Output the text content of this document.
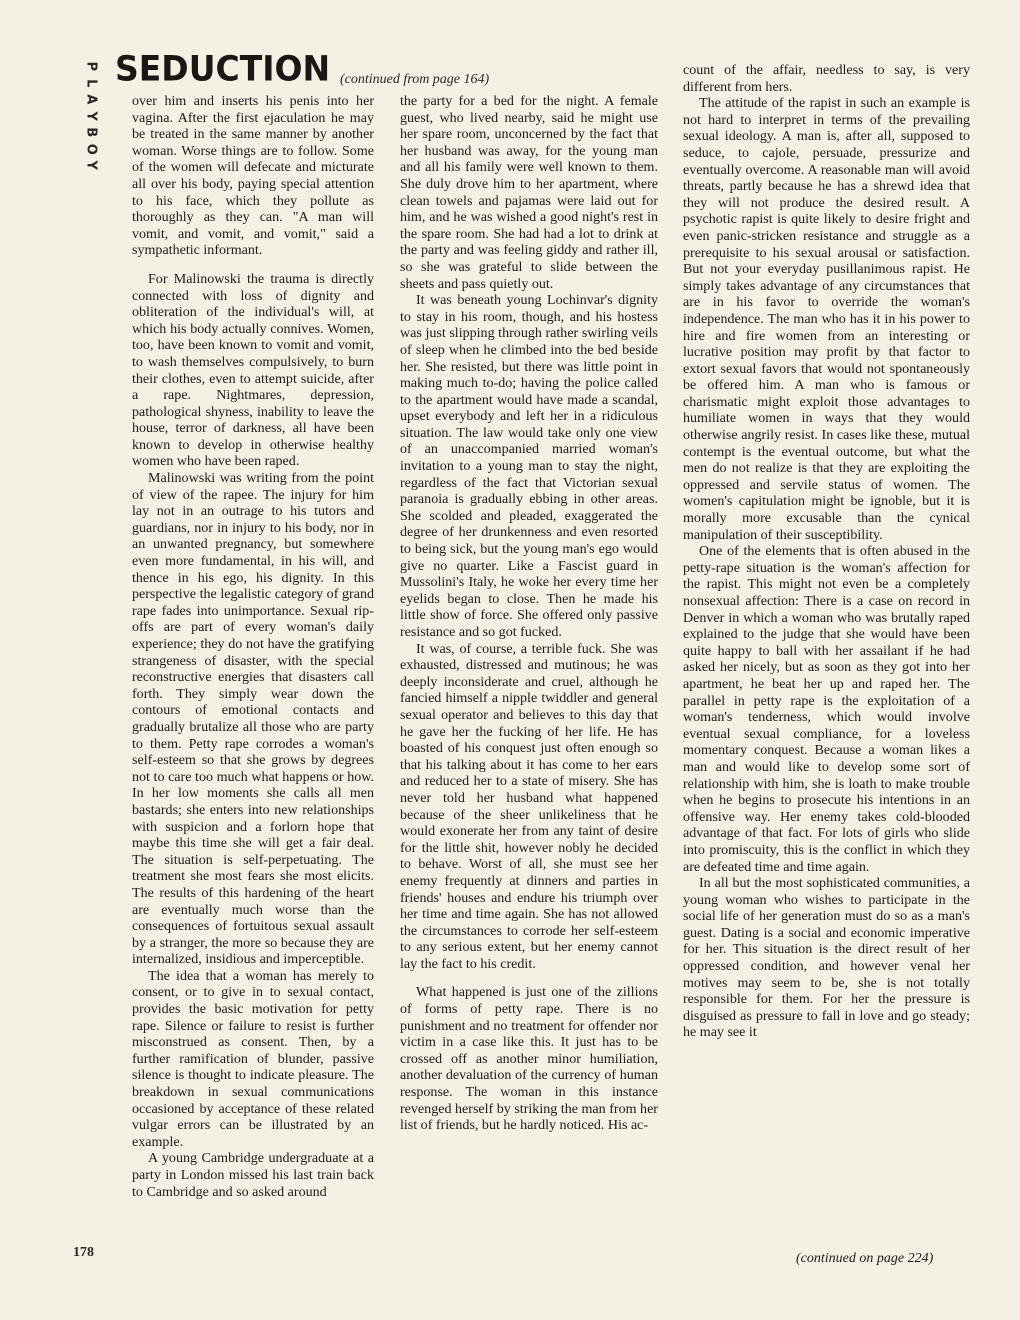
P
L
A
Y
B
O
Y
SEDUCTION (continued from page 164)

over him and inserts his penis into her vagina. After the first ejaculation he may be treated in the same manner by another woman. Worse things are to follow. Some of the women will defecate and micturate all over his body, paying special attention to his face, which they pollute as thoroughly as they can. "A man will vomit, and vomit, and vomit," said a sympathetic informant.

For Malinowski the trauma is directly connected with loss of dignity and obliteration of the individual's will, at which his body actually connives. Women, too, have been known to vomit and vomit, to wash themselves compulsively, to burn their clothes, even to attempt suicide, after a rape. Nightmares, depression, pathological shyness, inability to leave the house, terror of darkness, all have been known to develop in otherwise healthy women who have been raped.

Malinowski was writing from the point of view of the rapee. The injury for him lay not in an outrage to his tutors and guardians, nor in injury to his body, nor in an unwanted pregnancy, but somewhere even more fundamental, in his will, and thence in his ego, his dignity. In this perspective the legalistic category of grand rape fades into unimportance. Sexual rip-offs are part of every woman's daily experience; they do not have the gratifying strangeness of disaster, with the special reconstructive energies that disasters call forth. They simply wear down the contours of emotional contacts and gradually brutalize all those who are party to them. Petty rape corrodes a woman's self-esteem so that she grows by degrees not to care too much what happens or how. In her low moments she calls all men bastards; she enters into new relationships with suspicion and a forlorn hope that maybe this time she will get a fair deal. The situation is self-perpetuating. The treatment she most fears she most elicits. The results of this hardening of the heart are eventually much worse than the consequences of fortuitous sexual assault by a stranger, the more so because they are internalized, insidious and imperceptible.

The idea that a woman has merely to consent, or to give in to sexual contact, provides the basic motivation for petty rape. Silence or failure to resist is further misconstrued as consent. Then, by a further ramification of blunder, passive silence is thought to indicate pleasure. The breakdown in sexual communications occasioned by acceptance of these related vulgar errors can be illustrated by an example.

A young Cambridge undergraduate at a party in London missed his last train back to Cambridge and so asked around

the party for a bed for the night. A female guest, who lived nearby, said he might use her spare room, unconcerned by the fact that her husband was away, for the young man and all his family were well known to them. She duly drove him to her apartment, where clean towels and pajamas were laid out for him, and he was wished a good night's rest in the spare room. She had had a lot to drink at the party and was feeling giddy and rather ill, so she was grateful to slide between the sheets and pass quietly out.

It was beneath young Lochinvar's dignity to stay in his room, though, and his hostess was just slipping through rather swirling veils of sleep when he climbed into the bed beside her. She resisted, but there was little point in making much to-do; having the police called to the apartment would have made a scandal, upset everybody and left her in a ridiculous situation. The law would take only one view of an unaccompanied married woman's invitation to a young man to stay the night, regardless of the fact that Victorian sexual paranoia is gradually ebbing in other areas. She scolded and pleaded, exaggerated the degree of her drunkenness and even resorted to being sick, but the young man's ego would give no quarter. Like a Fascist guard in Mussolini's Italy, he woke her every time her eyelids began to close. Then he made his little show of force. She offered only passive resistance and so got fucked.

It was, of course, a terrible fuck. She was exhausted, distressed and mutinous; he was deeply inconsiderate and cruel, although he fancied himself a nipple twiddler and general sexual operator and believes to this day that he gave her the fucking of her life. He has boasted of his conquest just often enough so that his talking about it has come to her ears and reduced her to a state of misery. She has never told her husband what happened because of the sheer unlikeliness that he would exonerate her from any taint of desire for the little shit, however nobly he decided to behave. Worst of all, she must see her enemy frequently at dinners and parties in friends' houses and endure his triumph over her time and time again. She has not allowed the circumstances to corrode her self-esteem to any serious extent, but her enemy cannot lay the fact to his credit.

What happened is just one of the zillions of forms of petty rape. There is no punishment and no treatment for offender nor victim in a case like this. It just has to be crossed off as another minor humiliation, another devaluation of the currency of human response. The woman in this instance revenged herself by striking the man from her list of friends, but he hardly noticed. His ac-

count of the affair, needless to say, is very different from hers.

The attitude of the rapist in such an example is not hard to interpret in terms of the prevailing sexual ideology. A man is, after all, supposed to seduce, to cajole, persuade, pressurize and eventually overcome. A reasonable man will avoid threats, partly because he has a shrewd idea that they will not produce the desired result. A psychotic rapist is quite likely to desire fright and even panic-stricken resistance and struggle as a prerequisite to his sexual arousal or satisfaction. But not your everyday pusillanimous rapist. He simply takes advantage of any circumstances that are in his favor to override the woman's independence. The man who has it in his power to hire and fire women from an interesting or lucrative position may profit by that factor to extort sexual favors that would not spontaneously be offered him. A man who is famous or charismatic might exploit those advantages to humiliate women in ways that they would otherwise angrily resist. In cases like these, mutual contempt is the eventual outcome, but what the men do not realize is that they are exploiting the oppressed and servile status of women. The women's capitulation might be ignoble, but it is morally more excusable than the cynical manipulation of their susceptibility.

One of the elements that is often abused in the petty-rape situation is the woman's affection for the rapist. This might not even be a completely nonsexual affection: There is a case on record in Denver in which a woman who was brutally raped explained to the judge that she would have been quite happy to ball with her assailant if he had asked her nicely, but as soon as they got into her apartment, he beat her up and raped her. The parallel in petty rape is the exploitation of a woman's tenderness, which would involve eventual sexual compliance, for a loveless momentary conquest. Because a woman likes a man and would like to develop some sort of relationship with him, she is loath to make trouble when he begins to prosecute his intentions in an offensive way. Her enemy takes cold-blooded advantage of that fact. For lots of girls who slide into promiscuity, this is the conflict in which they are defeated time and time again.

In all but the most sophisticated communities, a young woman who wishes to participate in the social life of her generation must do so as a man's guest. Dating is a social and economic imperative for her. This situation is the direct result of her oppressed condition, and however venal her motives may seem to be, she is not totally responsible for them. For her the pressure is disguised as pressure to fall in love and go steady; he may see it

178	(continued on page 224)
